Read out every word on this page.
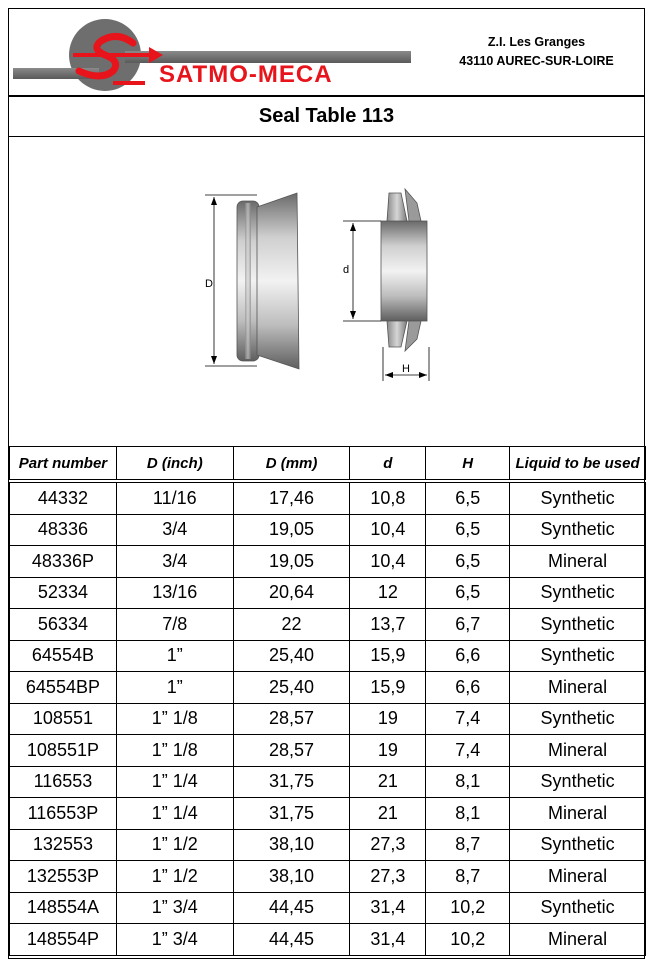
SATMO-MECA
Z.I. Les Granges
43110 AUREC-SUR-LOIRE
Seal Table 113
D
d
H
Part number	D (inch)	D (mm)	d	H	Liquid to be used
44332	11/16	17,46	10,8	6,5	Synthetic
48336	3/4	19,05	10,4	6,5	Synthetic
48336P	3/4	19,05	10,4	6,5	Mineral
52334	13/16	20,64	12	6,5	Synthetic
56334	7/8	22	13,7	6,7	Synthetic
64554B	1”	25,40	15,9	6,6	Synthetic
64554BP	1”	25,40	15,9	6,6	Mineral
108551	1” 1/8	28,57	19	7,4	Synthetic
108551P	1” 1/8	28,57	19	7,4	Mineral
116553	1” 1/4	31,75	21	8,1	Synthetic
116553P	1” 1/4	31,75	21	8,1	Mineral
132553	1” 1/2	38,10	27,3	8,7	Synthetic
132553P	1” 1/2	38,10	27,3	8,7	Mineral
148554A	1” 3/4	44,45	31,4	10,2	Synthetic
148554P	1” 3/4	44,45	31,4	10,2	Mineral
